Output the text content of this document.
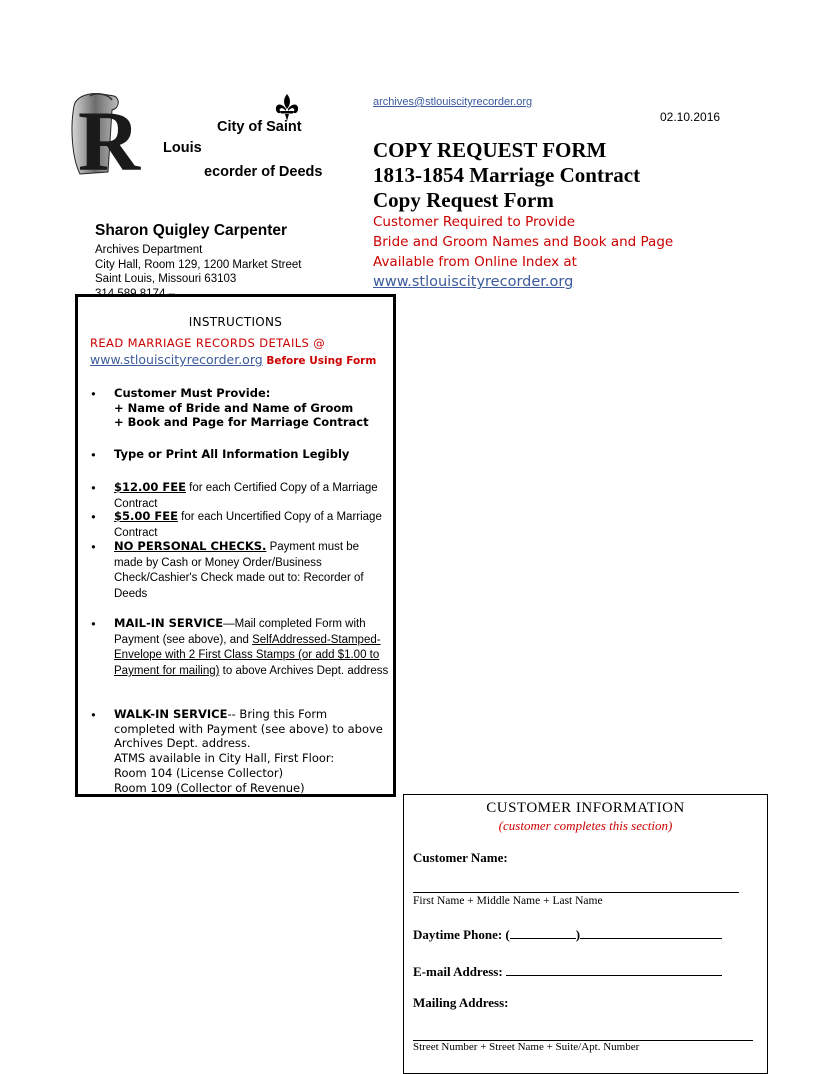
R	City of Saint
Louis
ecorder of Deeds
Sharon Quigley Carpenter
Archives Department
City Hall, Room 129, 1200 Market Street
Saint Louis, Missouri 63103
archives@stlouiscityrecorder.org
02.10.2016
COPY REQUEST FORM
1813-1854 Marriage Contract
Copy Request Form
Customer Required to Provide
Bride and Groom Names and Book and Page
Available from Online Index at
www.stlouiscityrecorder.org
INSTRUCTIONS
READ MARRIAGE RECORDS DETAILS @
www.stlouiscityrecorder.org Before Using Form
• Customer Must Provide:
+ Name of Bride and Name of Groom
+ Book and Page for Marriage Contract
• Type or Print All Information Legibly
• $12.00 FEE for each Certified Copy of a Marriage Contract
• $5.00 FEE for each Uncertified Copy of a Marriage Contract
• NO PERSONAL CHECKS. Payment must be made by Cash or Money Order/Business Check/Cashier's Check made out to: Recorder of Deeds
• MAIL-IN SERVICE—Mail completed Form with Payment (see above), and SelfAddressed-Stamped-Envelope with 2 First Class Stamps (or add $1.00 to Payment for mailing) to above Archives Dept. address
• WALK-IN SERVICE-- Bring this Form completed with Payment (see above) to above Archives Dept. address.
ATMS available in City Hall, First Floor:
Room 104 (License Collector)
Room 109 (Collector of Revenue)
CUSTOMER INFORMATION
(customer completes this section)
Customer Name:
First Name + Middle Name + Last Name
Daytime Phone: (	)
E-mail Address:
Mailing Address:
Street Number + Street Name + Suite/Apt. Number
